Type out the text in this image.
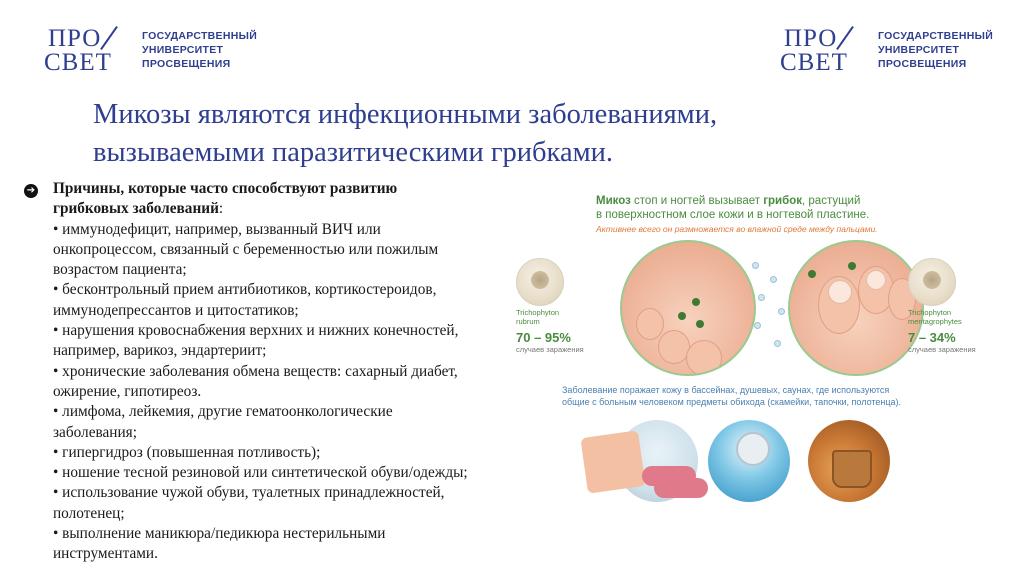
ПРО
СВЕТ
ГОСУДАРСТВЕННЫЙ
УНИВЕРСИТЕТ
ПРОСВЕЩЕНИЯ
ПРО
СВЕТ
ГОСУДАРСТВЕННЫЙ
УНИВЕРСИТЕТ
ПРОСВЕЩЕНИЯ
Микозы являются инфекционными заболеваниями,
вызываемыми паразитическими грибками.
➔ Причины, которые часто способствуют развитию
грибковых заболеваний:
• иммунодефицит, например, вызванный ВИЧ или
онкопроцессом, связанный с беременностью или пожилым
возрастом пациента;
• бесконтрольный прием антибиотиков, кортикостероидов,
иммунодепрессантов и цитостатиков;
• нарушения кровоснабжения верхних и нижних конечностей,
например, варикоз, эндартериит;
• хронические заболевания обмена веществ: сахарный диабет,
ожирение, гипотиреоз.
• лимфома, лейкемия, другие гематоонкологические
заболевания;
• гипергидроз (повышенная потливость);
• ношение тесной резиновой или синтетической обуви/одежды;
• использование чужой обуви, туалетных принадлежностей,
полотенец;
• выполнение маникюра/педикюра нестерильными
инструментами.
Микоз стоп и ногтей вызывает грибок, растущий
в поверхностном слое кожи и в ногтевой пластине.
Активнее всего он размножается во влажной среде между пальцами.
Trichophyton
rubrum
70 – 95%
случаев заражения
Trichophyton
mentagrophytes
7 – 34%
случаев заражения
Заболевание поражает кожу в бассейнах, душевых, саунах, где используются
общие с больным человеком предметы обихода (скамейки, тапочки, полотенца).
